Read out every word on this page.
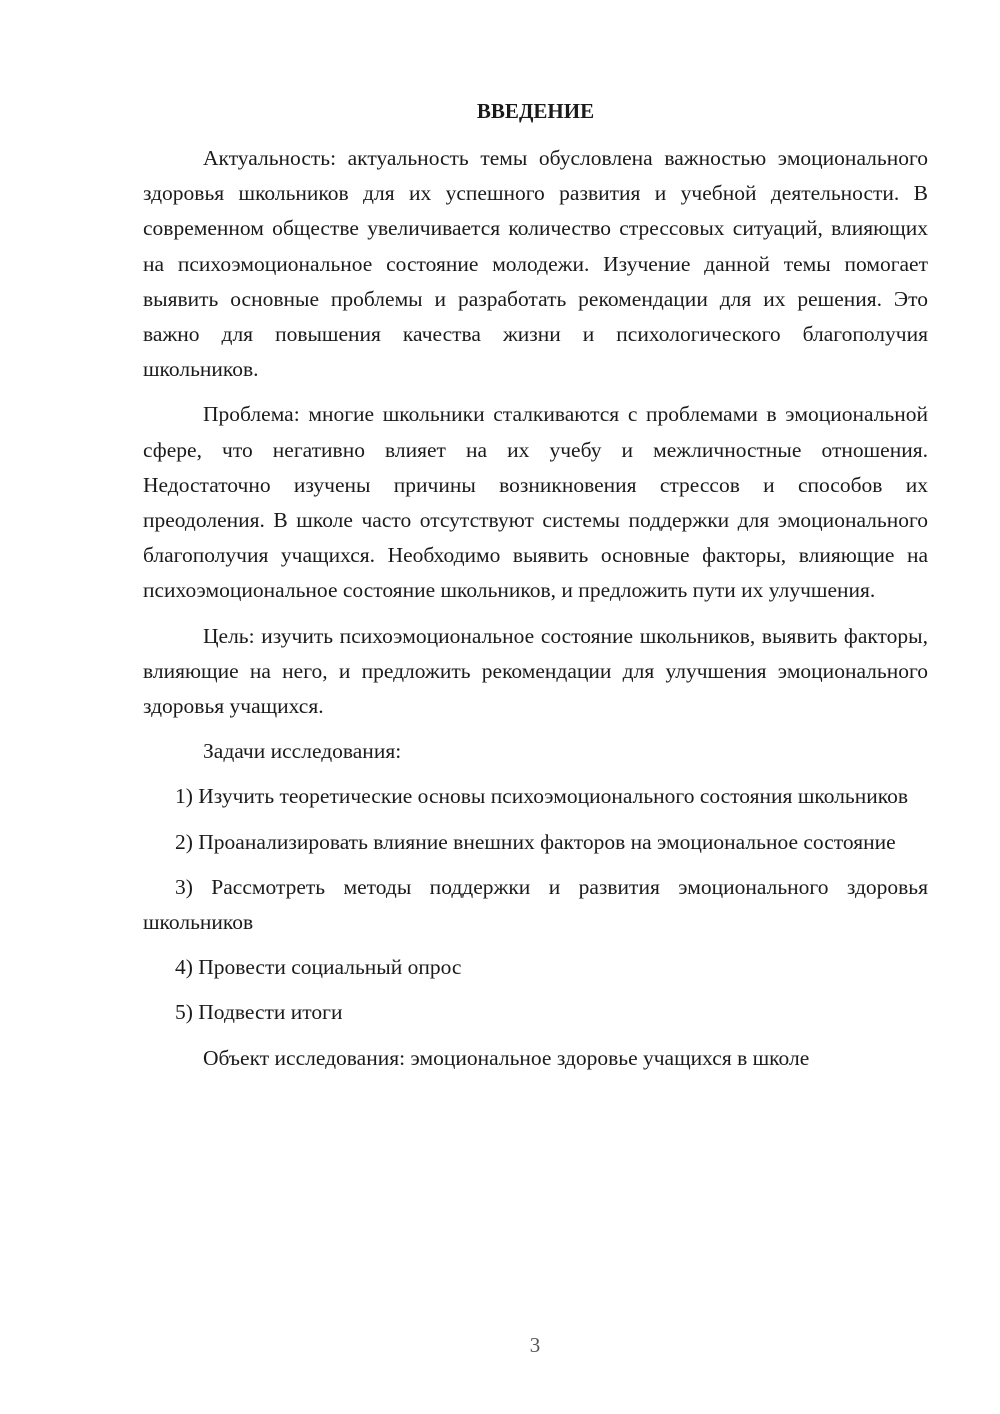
ВВЕДЕНИЕ

Актуальность: актуальность темы обусловлена важностью эмоционального здоровья школьников для их успешного развития и учебной деятельности. В современном обществе увеличивается количество стрессовых ситуаций, влияющих на психоэмоциональное состояние молодежи. Изучение данной темы помогает выявить основные проблемы и разработать рекомендации для их решения. Это важно для повышения качества жизни и психологического благополучия школьников.

Проблема: многие школьники сталкиваются с проблемами в эмоциональной сфере, что негативно влияет на их учебу и межличностные отношения. Недостаточно изучены причины возникновения стрессов и способов их преодоления. В школе часто отсутствуют системы поддержки для эмоционального благополучия учащихся. Необходимо выявить основные факторы, влияющие на психоэмоциональное состояние школьников, и предложить пути их улучшения.

Цель: изучить психоэмоциональное состояние школьников, выявить факторы, влияющие на него, и предложить рекомендации для улучшения эмоционального здоровья учащихся.

Задачи исследования:

1) Изучить теоретические основы психоэмоционального состояния школьников

2) Проанализировать влияние внешних факторов на эмоциональное состояние

3) Рассмотреть методы поддержки и развития эмоционального здоровья школьников

4) Провести социальный опрос

5) Подвести итоги

Объект исследования: эмоциональное здоровье учащихся в школе

3
